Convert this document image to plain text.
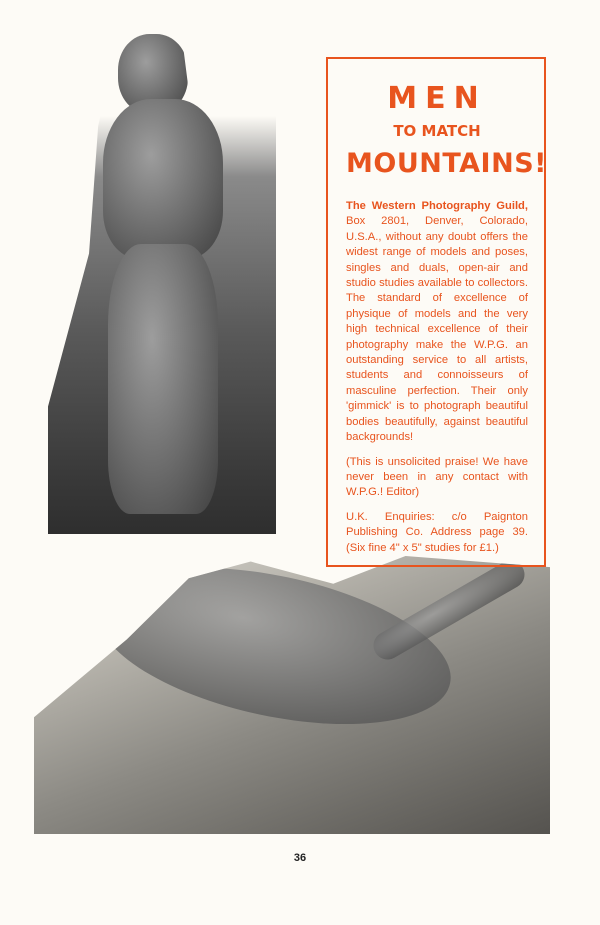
MEN
TO MATCH
MOUNTAINS!
The Western Photography Guild, Box 2801, Denver, Colorado, U.S.A., without any doubt offers the widest range of models and poses, singles and duals, open-air and studio studies available to collectors. The standard of excellence of physique of models and the very high technical excellence of their photography make the W.P.G. an outstanding service to all artists, students and connoisseurs of masculine perfection. Their only 'gimmick' is to photograph beautiful bodies beautifully, against beautiful backgrounds!
(This is unsolicited praise! We have never been in any contact with W.P.G.! Editor)
U.K. Enquiries: c/o Paignton Publishing Co. Address page 39. (Six fine 4" x 5" studies for £1.)
36
